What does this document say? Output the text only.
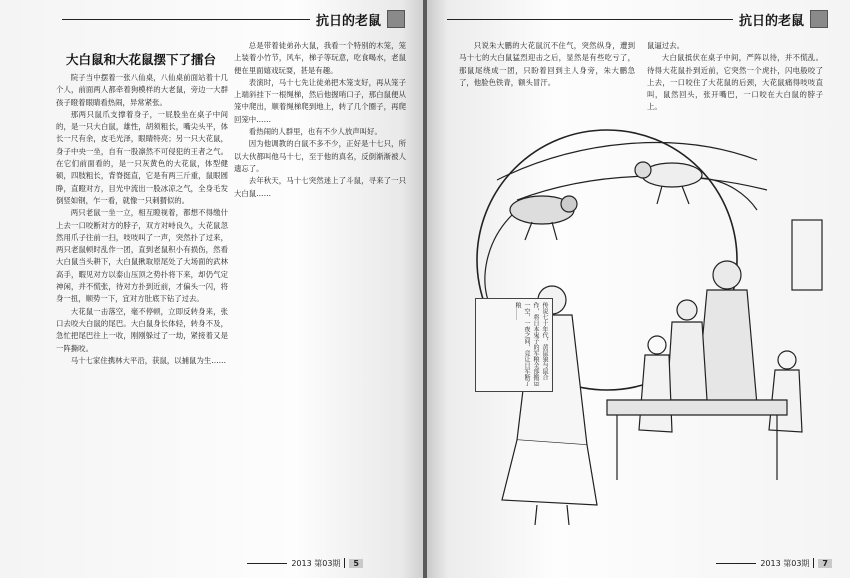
抗日的老鼠
大白鼠和大花鼠摆下了擂台

院子当中摆着一张八仙桌，八仙桌前面站着十几个人，前面两人都牵着狗模样的大老鼠，旁边一大群孩子瞪着眼睛看热闹，异常紧张。

那两只鼠爪支撑着身子，一屁股坐在桌子中间的，是一只大白鼠，雄性，胡须粗长，嘴尖头平，体长一尺有余，皮毛光泽，眼睛特亮；另一只大花鼠，身子中央一坐，自有一股凛然不可侵犯的王者之气。在它们前面看的，是一只灰黄色的大花鼠，体型健硕，四肢粗长，背脊挺直，它是有两三斤重，鼠眼圆睁，直瞪对方，目光中流出一股冰凉之气，全身毛发倒竖如钢，乍一看，就像一只刺猬似的。

两只老鼠一坐一立，相互瞪视着，都想不得缴什上去一口咬断对方的脖子，双方对峙良久，大花鼠忽然用爪子往前一扫，吱吱叫了一声，突然扑了过来，两只老鼠顿时乱作一团，直到老鼠积小有损伤，然看大白鼠当头耕下，大白鼠揪取原尾处了大场面的武林高手，暇见对方以泰山压顶之势扑将下来，却仍气定神闲，并不慌张，待对方扑到近前，才偏头一闪，将身一扭，顺势一下，宜对方肚底下钻了过去。

大花鼠一击落空，毫不停顿，立即反转身来，张口去咬大白鼠的尾巴。大白鼠身长体轻，转身不及，急忙把尾巴往上一收，刚刚躲过了一劫，紧接着又是一阵撕咬。

马十七家住携林大平沿，获鼠，以捕鼠为生……

总是带着徒弟孙大鼠，我看一个特别的木笼，笼上装着小竹节，风车，梯子等玩意，吃食喝水，老鼠便在里面嬉戏玩耍，甚是有趣。

表演时，马十七先让徒弟把木笼支好，再从笼子上端斜挂下一根绳梯，然后他握哨口子，那白鼠便从笼中爬出，顺着绳梯爬到地上，转了几个圈子，再爬回笼中……

看热闹的人群里，也有不少人放声叫好。

因为他调教的白鼠不多不少，正好是十七只，所以大伙都叫他马十七，至于他的真名，反倒渐渐被人遗忘了。

去年秋天，马十七突然迷上了斗鼠，寻来了一只大白鼠……

2013 第03期	5
抗日的老鼠

只说朱大鹏的大花鼠沉不住气，突然纵身，遭到马十七的大白鼠猛烈迎击之后，显然是有些吃亏了，那鼠尾绕成一团，只盼着回到主人身旁，朱大鹏急了，他脸色铁青，额头冒汗。

鼠逼过去。

大白鼠抵伏在桌子中间，严阵以待，并不慌乱。待得大花鼠扑到近前，它突然一个虎扑，闪电般咬了上去，一口咬住了大花鼠的后颈，大花鼠痛得吱吱直叫，鼠然回头，张开嘴巴，一口咬在大白鼠的脖子上。

传说七十年代，黄鼠狼与鼠合作，将日本鬼子的军粮全部搬运一空，一夜之间，竟让日军断了粮……
2013 第03期	7
